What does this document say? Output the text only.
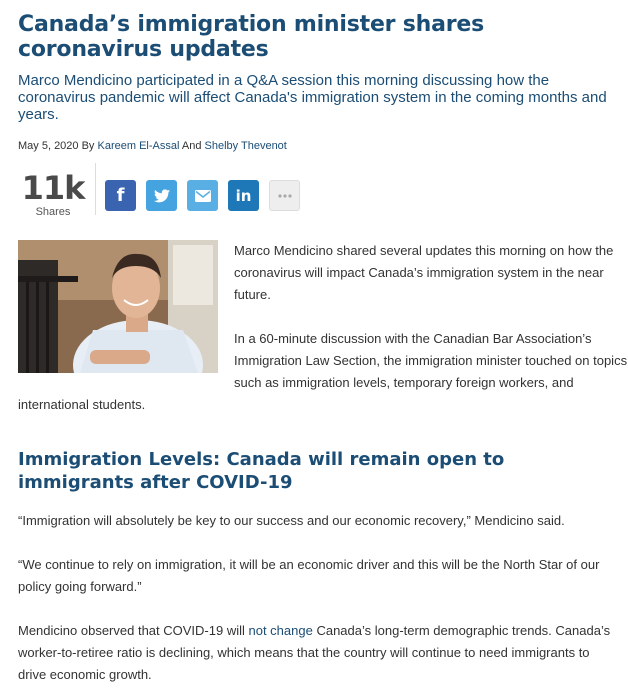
Canada’s immigration minister shares coronavirus updates
Marco Mendicino participated in a Q&A session this morning discussing how the coronavirus pandemic will affect Canada's immigration system in the coming months and years.
May 5, 2020 By Kareem El-Assal And Shelby Thevenot
11k
Shares
f	in

Marco Mendicino shared several updates this morning on how the coronavirus will impact Canada’s immigration system in the near future.

In a 60-minute discussion with the Canadian Bar Association’s Immigration Law Section, the immigration minister touched on topics such as immigration levels, temporary foreign workers, and international students.

Immigration Levels: Canada will remain open to immigrants after COVID-19

“Immigration will absolutely be key to our success and our economic recovery,” Mendicino said.

“We continue to rely on immigration, it will be an economic driver and this will be the North Star of our policy going forward.”

Mendicino observed that COVID-19 will not change Canada’s long-term demographic trends. Canada’s worker-to-retiree ratio is declining, which means that the country will continue to need immigrants to drive economic growth.
